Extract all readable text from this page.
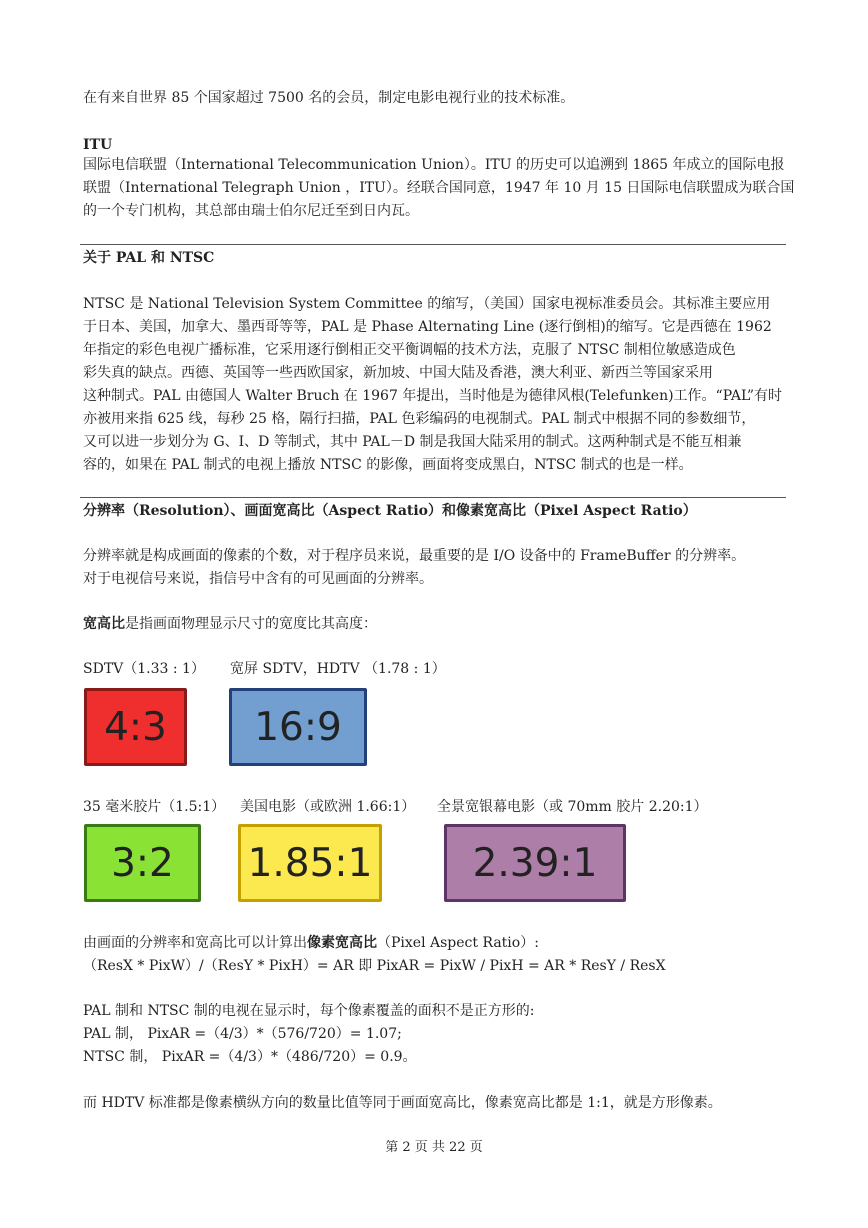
在有来自世界 85 个国家超过 7500 名的会员，制定电影电视行业的技术标准。
ITU
国际电信联盟（International Telecommunication Union）。ITU 的历史可以追溯到 1865 年成立的国际电报
联盟（International Telegraph Union ，ITU）。经联合国同意，1947 年 10 月 15 日国际电信联盟成为联合国
的一个专门机构，其总部由瑞士伯尔尼迁至到日内瓦。
关于 PAL 和 NTSC
NTSC 是 National Television System Committee 的缩写，（美国）国家电视标准委员会。其标准主要应用
于日本、美国，加拿大、墨西哥等等，PAL 是 Phase Alternating Line (逐行倒相)的缩写。它是西德在 1962
年指定的彩色电视广播标准，它采用逐行倒相正交平衡调幅的技术方法，克服了 NTSC 制相位敏感造成色
彩失真的缺点。西德、英国等一些西欧国家，新加坡、中国大陆及香港，澳大利亚、新西兰等国家采用
这种制式。PAL 由德国人 Walter Bruch 在 1967 年提出，当时他是为德律风根(Telefunken)工作。“PAL”有时
亦被用来指 625 线，每秒 25 格，隔行扫描，PAL 色彩编码的电视制式。PAL 制式中根据不同的参数细节，
又可以进一步划分为 G、I、D 等制式，其中 PAL－D 制是我国大陆采用的制式。这两种制式是不能互相兼
容的，如果在 PAL 制式的电视上播放 NTSC 的影像，画面将变成黑白，NTSC 制式的也是一样。
分辨率（Resolution）、画面宽高比（Aspect Ratio）和像素宽高比（Pixel Aspect Ratio）
分辨率就是构成画面的像素的个数，对于程序员来说，最重要的是 I/O 设备中的 FrameBuffer 的分辨率。
对于电视信号来说，指信号中含有的可见画面的分辨率。
宽高比是指画面物理显示尺寸的宽度比其高度：
SDTV（1.33 : 1） 宽屏 SDTV，HDTV （1.78 : 1）
4:3 16:9
35 毫米胶片（1.5:1） 美国电影（或欧洲 1.66:1） 全景宽银幕电影（或 70mm 胶片 2.20:1）
3:2 1.85:1	2.39:1
由画面的分辨率和宽高比可以计算出像素宽高比（Pixel Aspect Ratio）:
（ResX * PixW）/（ResY * PixH）= AR 即 PixAR = PixW / PixH = AR * ResY / ResX
PAL 制和 NTSC 制的电视在显示时，每个像素覆盖的面积不是正方形的:
PAL 制， PixAR =（4/3）*（576/720）= 1.07;
NTSC 制， PixAR =（4/3）*（486/720）= 0.9。
而 HDTV 标准都是像素横纵方向的数量比值等同于画面宽高比，像素宽高比都是 1:1，就是方形像素。
第 2 页 共 22 页
